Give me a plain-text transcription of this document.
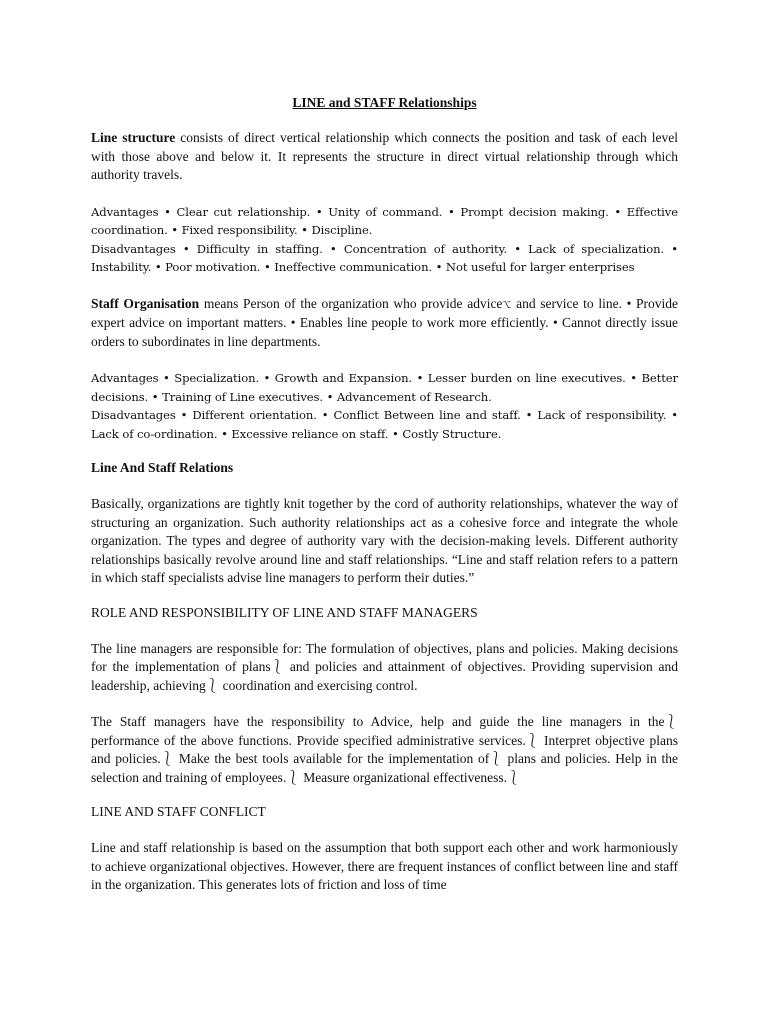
LINE and STAFF Relationships

Line structure consists of direct vertical relationship which connects the position and task of each level with those above and below it. It represents the structure in direct virtual relationship through which authority travels.

Advantages • Clear cut relationship. • Unity of command. • Prompt decision making. • Effective coordination. • Fixed responsibility. • Discipline.

Disadvantages • Difficulty in staffing. • Concentration of authority. • Lack of specialization. • Instability. • Poor motivation. • Ineffective communication. • Not useful for larger enterprises

Staff Organisation means Person of the organization who provide advice⌥ and service to line. • Provide expert advice on important matters. • Enables line people to work more efficiently. • Cannot directly issue orders to subordinates in line departments.

Advantages • Specialization. • Growth and Expansion. • Lesser burden on line executives. • Better decisions. • Training of Line executives. • Advancement of Research.

Disadvantages • Different orientation. • Conflict Between line and staff. • Lack of responsibility. • Lack of co-ordination. • Excessive reliance on staff. • Costly Structure.

Line And Staff Relations

Basically, organizations are tightly knit together by the cord of authority relationships, whatever the way of structuring an organization. Such authority relationships act as a cohesive force and integrate the whole organization. The types and degree of authority vary with the decision-making levels. Different authority relationships basically revolve around line and staff relationships. “Line and staff relation refers to a pattern in which staff specialists advise line managers to perform their duties.”

ROLE AND RESPONSIBILITY OF LINE AND STAFF MANAGERS

The line managers are responsible for: The formulation of objectives, plans and policies. Making decisions for the implementation of plans⎱ and policies and attainment of objectives. Providing supervision and leadership, achieving⎱ coordination and exercising control.

The Staff managers have the responsibility to Advice, help and guide the line managers in the⎱ performance of the above functions. Provide specified administrative services.⎱ Interpret objective plans and policies.⎱ Make the best tools available for the implementation of⎱ plans and policies. Help in the selection and training of employees.⎱ Measure organizational effectiveness.⎱

LINE AND STAFF CONFLICT

Line and staff relationship is based on the assumption that both support each other and work harmoniously to achieve organizational objectives. However, there are frequent instances of conflict between line and staff in the organization. This generates lots of friction and loss of time
